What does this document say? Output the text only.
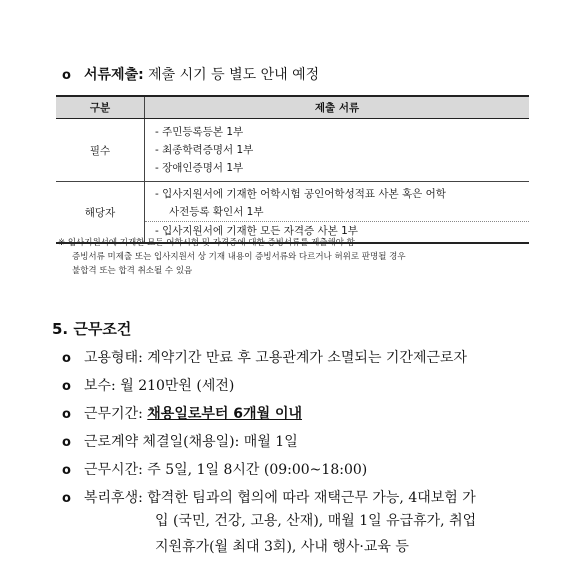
o 서류제출: 제출 시기 등 별도 안내 예정
구분	제출 서류
필수	- 주민등록등본 1부
- 최종학력증명서 1부
- 장애인증명서 1부

해당자	- 입사지원서에 기재한 어학시험 공인어학성적표 사본 혹은 어학
사전등록 확인서 1부
- 입사지원서에 기재한 모든 자격증 사본 1부
※ 입사지원서에 기재한 모든 어학시험 및 자격증에 대한 증빙서류를 제출해야 함
증빙서류 미제출 또는 입사지원서 상 기재 내용이 증빙서류와 다르거나 허위로 판명될 경우
불합격 또는 합격 취소될 수 있음
5. 근무조건
o 고용형태: 계약기간 만료 후 고용관계가 소멸되는 기간제근로자
o 보수: 월 210만원 (세전)
o 근무기간: 채용일로부터 6개월 이내
o 근로계약 체결일(채용일): 매월 1일
o 근무시간: 주 5일, 1일 8시간 (09:00~18:00)
o 복리후생: 합격한 팀과의 협의에 따라 재택근무 가능, 4대보험 가
입 (국민, 건강, 고용, 산재), 매월 1일 유급휴가, 취업
지원휴가(월 최대 3회), 사내 행사·교육 등
